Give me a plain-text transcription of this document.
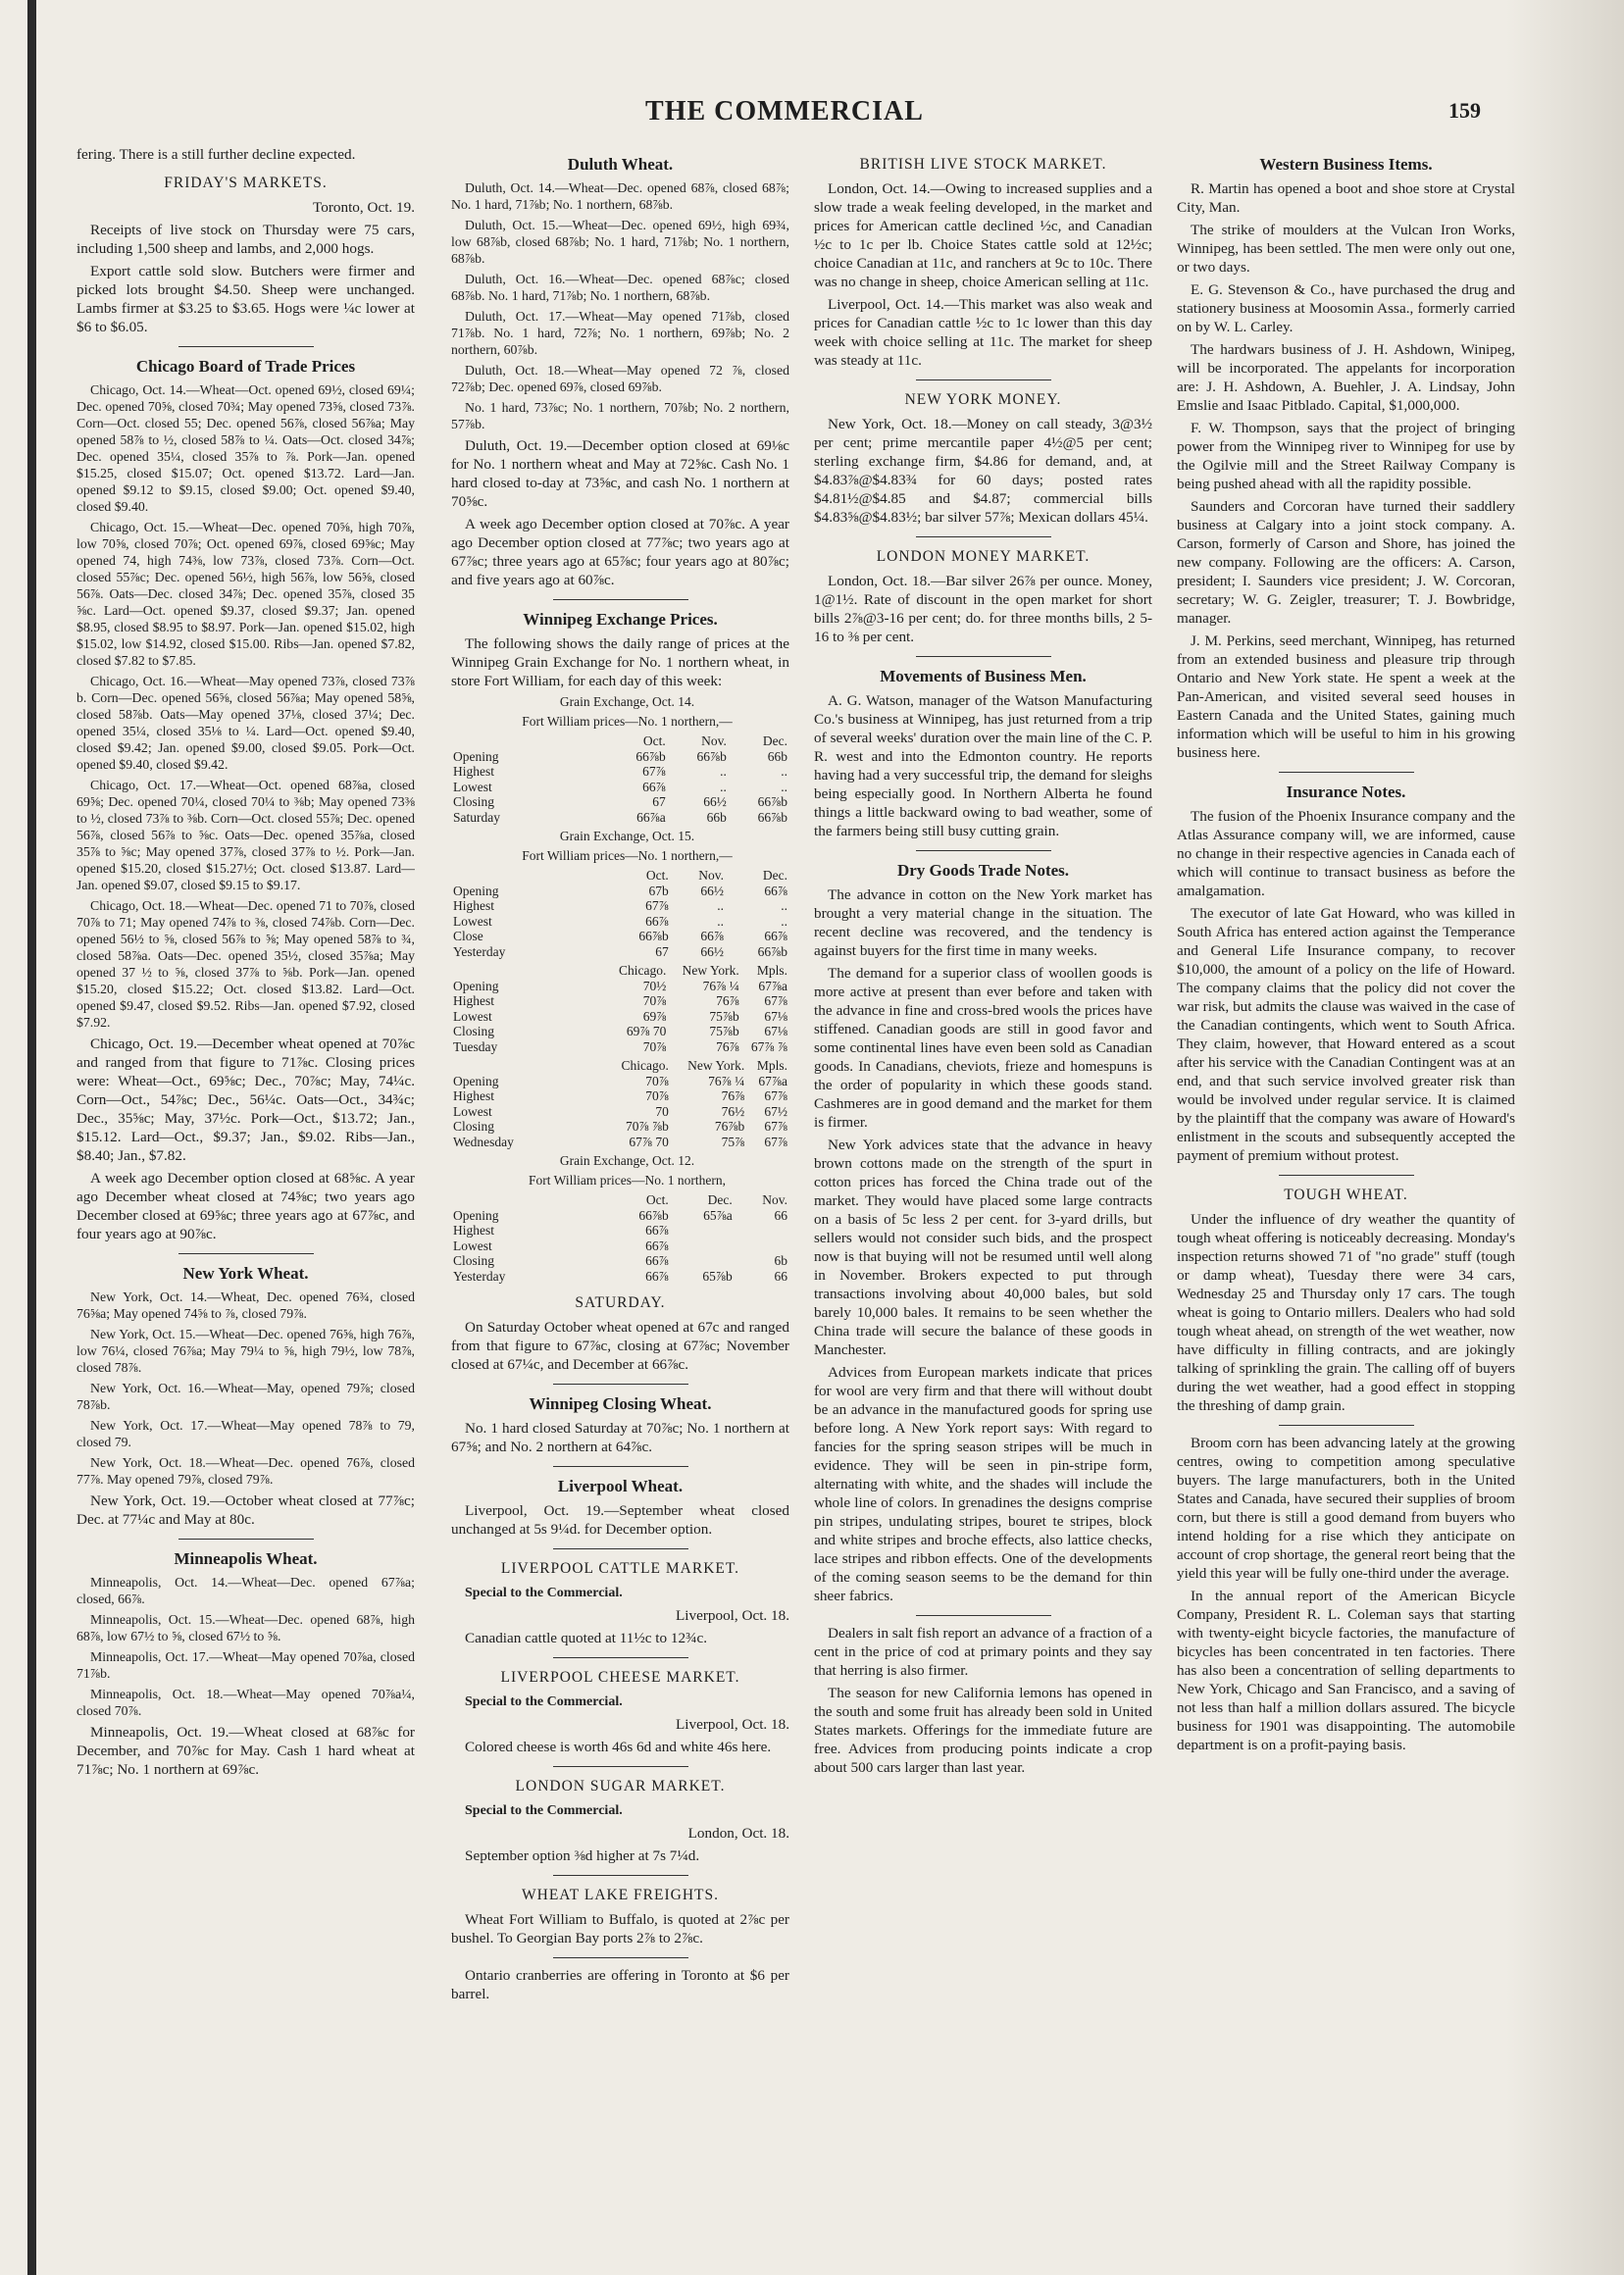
THE COMMERCIAL	159

fering. There is a still further decline expected.

FRIDAY'S MARKETS.

Toronto, Oct. 19.

Receipts of live stock on Thursday were 75 cars, including 1,500 sheep and lambs, and 2,000 hogs.

Export cattle sold slow. Butchers were firmer and picked lots brought $4.50. Sheep were unchanged. Lambs firmer at $3.25 to $3.65. Hogs were ¼c lower at $6 to $6.05.

Chicago Board of Trade Prices

Chicago, Oct. 14.—Wheat—Oct. opened 69½, closed 69¼; Dec. opened 70⅝, closed 70¾; May opened 73⅝, closed 73⅞. Corn—Oct. closed 55; Dec. opened 56⅞, closed 56⅞a; May opened 58⅞ to ½, closed 58⅞ to ¼. Oats—Oct. closed 34⅞; Dec. opened 35¼, closed 35⅞ to ⅞. Pork—Jan. opened $15.25, closed $15.07; Oct. opened $13.72. Lard—Jan. opened $9.12 to $9.15, closed $9.00; Oct. opened $9.40, closed $9.40.

Chicago, Oct. 15.—Wheat—Dec. opened 70⅝, high 70⅞, low 70⅝, closed 70⅞; Oct. opened 69⅞, closed 69⅝c; May opened 74, high 74⅜, low 73⅞, closed 73⅞. Corn—Oct. closed 55⅞c; Dec. opened 56½, high 56⅞, low 56⅝, closed 56⅞. Oats—Dec. closed 34⅞; Dec. opened 35⅞, closed 35 ⅝c. Lard—Oct. opened $9.37, closed $9.37; Jan. opened $8.95, closed $8.95 to $8.97. Pork—Jan. opened $15.02, high $15.02, low $14.92, closed $15.00. Ribs—Jan. opened $7.82, closed $7.82 to $7.85.

Chicago, Oct. 16.—Wheat—May opened 73⅞, closed 73⅞ b. Corn—Dec. opened 56⅝, closed 56⅞a; May opened 58⅝, closed 58⅞b. Oats—May opened 37⅛, closed 37¼; Dec. opened 35¼, closed 35⅛ to ¼. Lard—Oct. opened $9.40, closed $9.42; Jan. opened $9.00, closed $9.05. Pork—Oct. opened $9.40, closed $9.42.

Chicago, Oct. 17.—Wheat—Oct. opened 68⅞a, closed 69⅝; Dec. opened 70¼, closed 70¼ to ⅜b; May opened 73⅜ to ½, closed 73⅞ to ⅜b. Corn—Oct. closed 55⅞; Dec. opened 56⅞, closed 56⅞ to ⅝c. Oats—Dec. opened 35⅞a, closed 35⅞ to ⅝c; May opened 37⅞, closed 37⅞ to ½. Pork—Jan. opened $15.20, closed $15.27½; Oct. closed $13.87. Lard—Jan. opened $9.07, closed $9.15 to $9.17.

Chicago, Oct. 18.—Wheat—Dec. opened 71 to 70⅞, closed 70⅞ to 71; May opened 74⅞ to ⅜, closed 74⅞b. Corn—Dec. opened 56½ to ⅝, closed 56⅞ to ⅝; May opened 58⅞ to ¾, closed 58⅞a. Oats—Dec. opened 35½, closed 35⅞a; May opened 37 ½ to ⅝, closed 37⅞ to ⅝b. Pork—Jan. opened $15.20, closed $15.22; Oct. closed $13.82. Lard—Oct. opened $9.47, closed $9.52. Ribs—Jan. opened $7.92, closed $7.92.

Chicago, Oct. 19.—December wheat opened at 70⅞c and ranged from that figure to 71⅞c. Closing prices were: Wheat—Oct., 69⅝c; Dec., 70⅞c; May, 74¼c. Corn—Oct., 54⅞c; Dec., 56¼c. Oats—Oct., 34¾c; Dec., 35⅝c; May, 37½c. Pork—Oct., $13.72; Jan., $15.12. Lard—Oct., $9.37; Jan., $9.02. Ribs—Jan., $8.40; Jan., $7.82.

A week ago December option closed at 68⅝c. A year ago December wheat closed at 74⅝c; two years ago December closed at 69⅝c; three years ago at 67⅞c, and four years ago at 90⅞c.

New York Wheat.

New York, Oct. 14.—Wheat, Dec. opened 76¾, closed 76⅝a; May opened 74⅝ to ⅞, closed 79⅞.

New York, Oct. 15.—Wheat—Dec. opened 76⅝, high 76⅞, low 76¼, closed 76⅞a; May 79¼ to ⅝, high 79½, low 78⅞, closed 78⅞.

New York, Oct. 16.—Wheat—May, opened 79⅞; closed 78⅞b.

New York, Oct. 17.—Wheat—May opened 78⅞ to 79, closed 79.

New York, Oct. 18.—Wheat—Dec. opened 76⅞, closed 77⅞. May opened 79⅞, closed 79⅞.

New York, Oct. 19.—October wheat closed at 77⅞c; Dec. at 77¼c and May at 80c.

Minneapolis Wheat.

Minneapolis, Oct. 14.—Wheat—Dec. opened 67⅞a; closed, 66⅞.

Minneapolis, Oct. 15.—Wheat—Dec. opened 68⅞, high 68⅞, low 67½ to ⅝, closed 67½ to ⅝.

Minneapolis, Oct. 17.—Wheat—May opened 70⅞a, closed 71⅞b.

Minneapolis, Oct. 18.—Wheat—May opened 70⅞a¼, closed 70⅞.

Minneapolis, Oct. 19.—Wheat closed at 68⅞c for December, and 70⅞c for May. Cash 1 hard wheat at 71⅞c; No. 1 northern at 69⅞c.

Duluth Wheat.

Duluth, Oct. 14.—Wheat—Dec. opened 68⅞, closed 68⅞; No. 1 hard, 71⅞b; No. 1 northern, 68⅞b.

Duluth, Oct. 15.—Wheat—Dec. opened 69½, high 69¾, low 68⅞b, closed 68⅞b; No. 1 hard, 71⅞b; No. 1 northern, 68⅞b.

Duluth, Oct. 16.—Wheat—Dec. opened 68⅞c; closed 68⅞b. No. 1 hard, 71⅞b; No. 1 northern, 68⅞b.

Duluth, Oct. 17.—Wheat—May opened 71⅞b, closed 71⅞b. No. 1 hard, 72⅞; No. 1 northern, 69⅞b; No. 2 northern, 60⅞b.

Duluth, Oct. 18.—Wheat—May opened 72 ⅞, closed 72⅞b; Dec. opened 69⅞, closed 69⅞b.

No. 1 hard, 73⅞c; No. 1 northern, 70⅞b; No. 2 northern, 57⅞b.

Duluth, Oct. 19.—December option closed at 69⅛c for No. 1 northern wheat and May at 72⅝c. Cash No. 1 hard closed to-day at 73⅝c, and cash No. 1 northern at 70⅝c.

A week ago December option closed at 70⅞c. A year ago December option closed at 77⅞c; two years ago at 67⅞c; three years ago at 65⅞c; four years ago at 80⅞c; and five years ago at 60⅞c.

Winnipeg Exchange Prices.

The following shows the daily range of prices at the Winnipeg Grain Exchange for No. 1 northern wheat, in store Fort William, for each day of this week:

Grain Exchange, Oct. 14.

Fort William prices—No. 1 northern,—

	Oct.	Nov.	Dec.
Opening	66⅞b	66⅞b	66b
Highest	67⅞	..	..
Lowest	66⅞	..	..
Closing	67	66½	66⅞b
Saturday	66⅞a	66b	66⅞b

Grain Exchange, Oct. 15.

Fort William prices—No. 1 northern,—

	Oct.	Nov.	Dec.
Opening	67b	66½	66⅞
Highest	67⅞	..	..
Lowest	66⅞	..	..
Close	66⅞b	66⅞	66⅞
Yesterday	67	66½	66⅞b
	Chicago.	New York.	Mpls.
Opening	70½	76⅞ ¼	67⅞a
Highest	70⅞	76⅞	67⅞
Lowest	69⅞	75⅞b	67⅛
Closing	69⅞ 70	75⅞b	67⅛
Tuesday	70⅞	76⅞	67⅞ ⅞
	Chicago.	New York.	Mpls.
Opening	70⅞	76⅞ ¼	67⅞a
Highest	70⅞	76⅞	67⅞
Lowest	70	76½	67½
Closing	70⅞ ⅞b	76⅞b	67⅞
Wednesday	67⅞ 70	75⅞	67⅞

Grain Exchange, Oct. 12.

Fort William prices—No. 1 northern,

	Oct.	Dec.	Nov.
Opening	66⅞b	65⅞a	66
Highest	66⅞		
Lowest	66⅞		
Closing	66⅞		6b
Yesterday	66⅞	65⅞b	66
SATURDAY.

On Saturday October wheat opened at 67c and ranged from that figure to 67⅞c, closing at 67⅞c; November closed at 67¼c, and December at 66⅞c.

Winnipeg Closing Wheat.

No. 1 hard closed Saturday at 70⅞c; No. 1 northern at 67⅝; and No. 2 northern at 64⅞c.

Liverpool Wheat.

Liverpool, Oct. 19.—September wheat closed unchanged at 5s 9¼d. for December option.

LIVERPOOL CATTLE MARKET.

Special to the Commercial.

Liverpool, Oct. 18.

Canadian cattle quoted at 11½c to 12¾c.

LIVERPOOL CHEESE MARKET.

Special to the Commercial.

Liverpool, Oct. 18.

Colored cheese is worth 46s 6d and white 46s here.

LONDON SUGAR MARKET.

Special to the Commercial.

London, Oct. 18.

September option ⅜d higher at 7s 7¼d.

WHEAT LAKE FREIGHTS.

Wheat Fort William to Buffalo, is quoted at 2⅞c per bushel. To Georgian Bay ports 2⅞ to 2⅞c.

Ontario cranberries are offering in Toronto at $6 per barrel.

BRITISH LIVE STOCK MARKET.

London, Oct. 14.—Owing to increased supplies and a slow trade a weak feeling developed, in the market and prices for American cattle declined ½c, and Canadian ½c to 1c per lb. Choice States cattle sold at 12½c; choice Canadian at 11c, and ranchers at 9c to 10c. There was no change in sheep, choice American selling at 11c.

Liverpool, Oct. 14.—This market was also weak and prices for Canadian cattle ½c to 1c lower than this day week with choice selling at 11c. The market for sheep was steady at 11c.

NEW YORK MONEY.

New York, Oct. 18.—Money on call steady, 3@3½ per cent; prime mercantile paper 4½@5 per cent; sterling exchange firm, $4.86 for demand, and, at $4.83⅞@$4.83¾ for 60 days; posted rates $4.81½@$4.85 and $4.87; commercial bills $4.83⅝@$4.83½; bar silver 57⅞; Mexican dollars 45¼.

LONDON MONEY MARKET.

London, Oct. 18.—Bar silver 26⅞ per ounce. Money, 1@1½. Rate of discount in the open market for short bills 2⅞@3-16 per cent; do. for three months bills, 2 5-16 to ⅜ per cent.

Movements of Business Men.

A. G. Watson, manager of the Watson Manufacturing Co.'s business at Winnipeg, has just returned from a trip of several weeks' duration over the main line of the C. P. R. west and into the Edmonton country. He reports having had a very successful trip, the demand for sleighs being especially good. In Northern Alberta he found things a little backward owing to bad weather, some of the farmers being still busy cutting grain.

Dry Goods Trade Notes.

The advance in cotton on the New York market has brought a very material change in the situation. The recent decline was recovered, and the tendency is against buyers for the first time in many weeks.

The demand for a superior class of woollen goods is more active at present than ever before and taken with the advance in fine and cross-bred wools the prices have stiffened. Canadian goods are still in good favor and some continental lines have even been sold as Canadian goods. In Canadians, cheviots, frieze and homespuns is the order of popularity in which these goods stand. Cashmeres are in good demand and the market for them is firmer.

New York advices state that the advance in heavy brown cottons made on the strength of the spurt in cotton prices has forced the China trade out of the market. They would have placed some large contracts on a basis of 5c less 2 per cent. for 3-yard drills, but sellers would not consider such bids, and the prospect now is that buying will not be resumed until well along in November. Brokers expected to put through transactions involving about 40,000 bales, but sold barely 10,000 bales. It remains to be seen whether the China trade will secure the balance of these goods in Manchester.

Advices from European markets indicate that prices for wool are very firm and that there will without doubt be an advance in the manufactured goods for spring use before long. A New York report says: With regard to fancies for the spring season stripes will be much in evidence. They will be seen in pin-stripe form, alternating with white, and the shades will include the whole line of colors. In grenadines the designs comprise pin stripes, undulating stripes, bouret te stripes, block and white stripes and broche effects, also lattice checks, lace stripes and ribbon effects. One of the developments of the coming season seems to be the demand for thin sheer fabrics.

Dealers in salt fish report an advance of a fraction of a cent in the price of cod at primary points and they say that herring is also firmer.

The season for new California lemons has opened in the south and some fruit has already been sold in United States markets. Offerings for the immediate future are free. Advices from producing points indicate a crop about 500 cars larger than last year.

Western Business Items.

R. Martin has opened a boot and shoe store at Crystal City, Man.

The strike of moulders at the Vulcan Iron Works, Winnipeg, has been settled. The men were only out one, or two days.

E. G. Stevenson & Co., have purchased the drug and stationery business at Moosomin Assa., formerly carried on by W. L. Carley.

The hardwars business of J. H. Ashdown, Winipeg, will be incorporated. The appelants for incorporation are: J. H. Ashdown, A. Buehler, J. A. Lindsay, John Emslie and Isaac Pitblado. Capital, $1,000,000.

F. W. Thompson, says that the project of bringing power from the Winnipeg river to Winnipeg for use by the Ogilvie mill and the Street Railway Company is being pushed ahead with all the rapidity possible.

Saunders and Corcoran have turned their saddlery business at Calgary into a joint stock company. A. Carson, formerly of Carson and Shore, has joined the new company. Following are the officers: A. Carson, president; I. Saunders vice president; J. W. Corcoran, secretary; W. G. Zeigler, treasurer; T. J. Bowbridge, manager.

J. M. Perkins, seed merchant, Winnipeg, has returned from an extended business and pleasure trip through Ontario and New York state. He spent a week at the Pan-American, and visited several seed houses in Eastern Canada and the United States, gaining much information which will be useful to him in his growing business here.

Insurance Notes.

The fusion of the Phoenix Insurance company and the Atlas Assurance company will, we are informed, cause no change in their respective agencies in Canada each of which will continue to transact business as before the amalgamation.

The executor of late Gat Howard, who was killed in South Africa has entered action against the Temperance and General Life Insurance company, to recover $10,000, the amount of a policy on the life of Howard. The company claims that the policy did not cover the war risk, but admits the clause was waived in the case of the Canadian contingents, which went to South Africa. They claim, however, that Howard entered as a scout after his service with the Canadian Contingent was at an end, and that such service involved greater risk than would be involved under regular service. It is claimed by the plaintiff that the company was aware of Howard's enlistment in the scouts and subsequently accepted the payment of premium without protest.

TOUGH WHEAT.

Under the influence of dry weather the quantity of tough wheat offering is noticeably decreasing. Monday's inspection returns showed 71 of "no grade" stuff (tough or damp wheat), Tuesday there were 34 cars, Wednesday 25 and Thursday only 17 cars. The tough wheat is going to Ontario millers. Dealers who had sold tough wheat ahead, on strength of the wet weather, now have difficulty in filling contracts, and are jokingly talking of sprinkling the grain. The calling off of buyers during the wet weather, had a good effect in stopping the threshing of damp grain.

Broom corn has been advancing lately at the growing centres, owing to competition among speculative buyers. The large manufacturers, both in the United States and Canada, have secured their supplies of broom corn, but there is still a good demand from buyers who intend holding for a rise which they anticipate on account of crop shortage, the general reort being that the yield this year will be fully one-third under the average.

In the annual report of the American Bicycle Company, President R. L. Coleman says that starting with twenty-eight bicycle factories, the manufacture of bicycles has been concentrated in ten factories. There has also been a concentration of selling departments to New York, Chicago and San Francisco, and a saving of not less than half a million dollars assured. The bicycle business for 1901 was disappointing. The automobile department is on a profit-paying basis.
